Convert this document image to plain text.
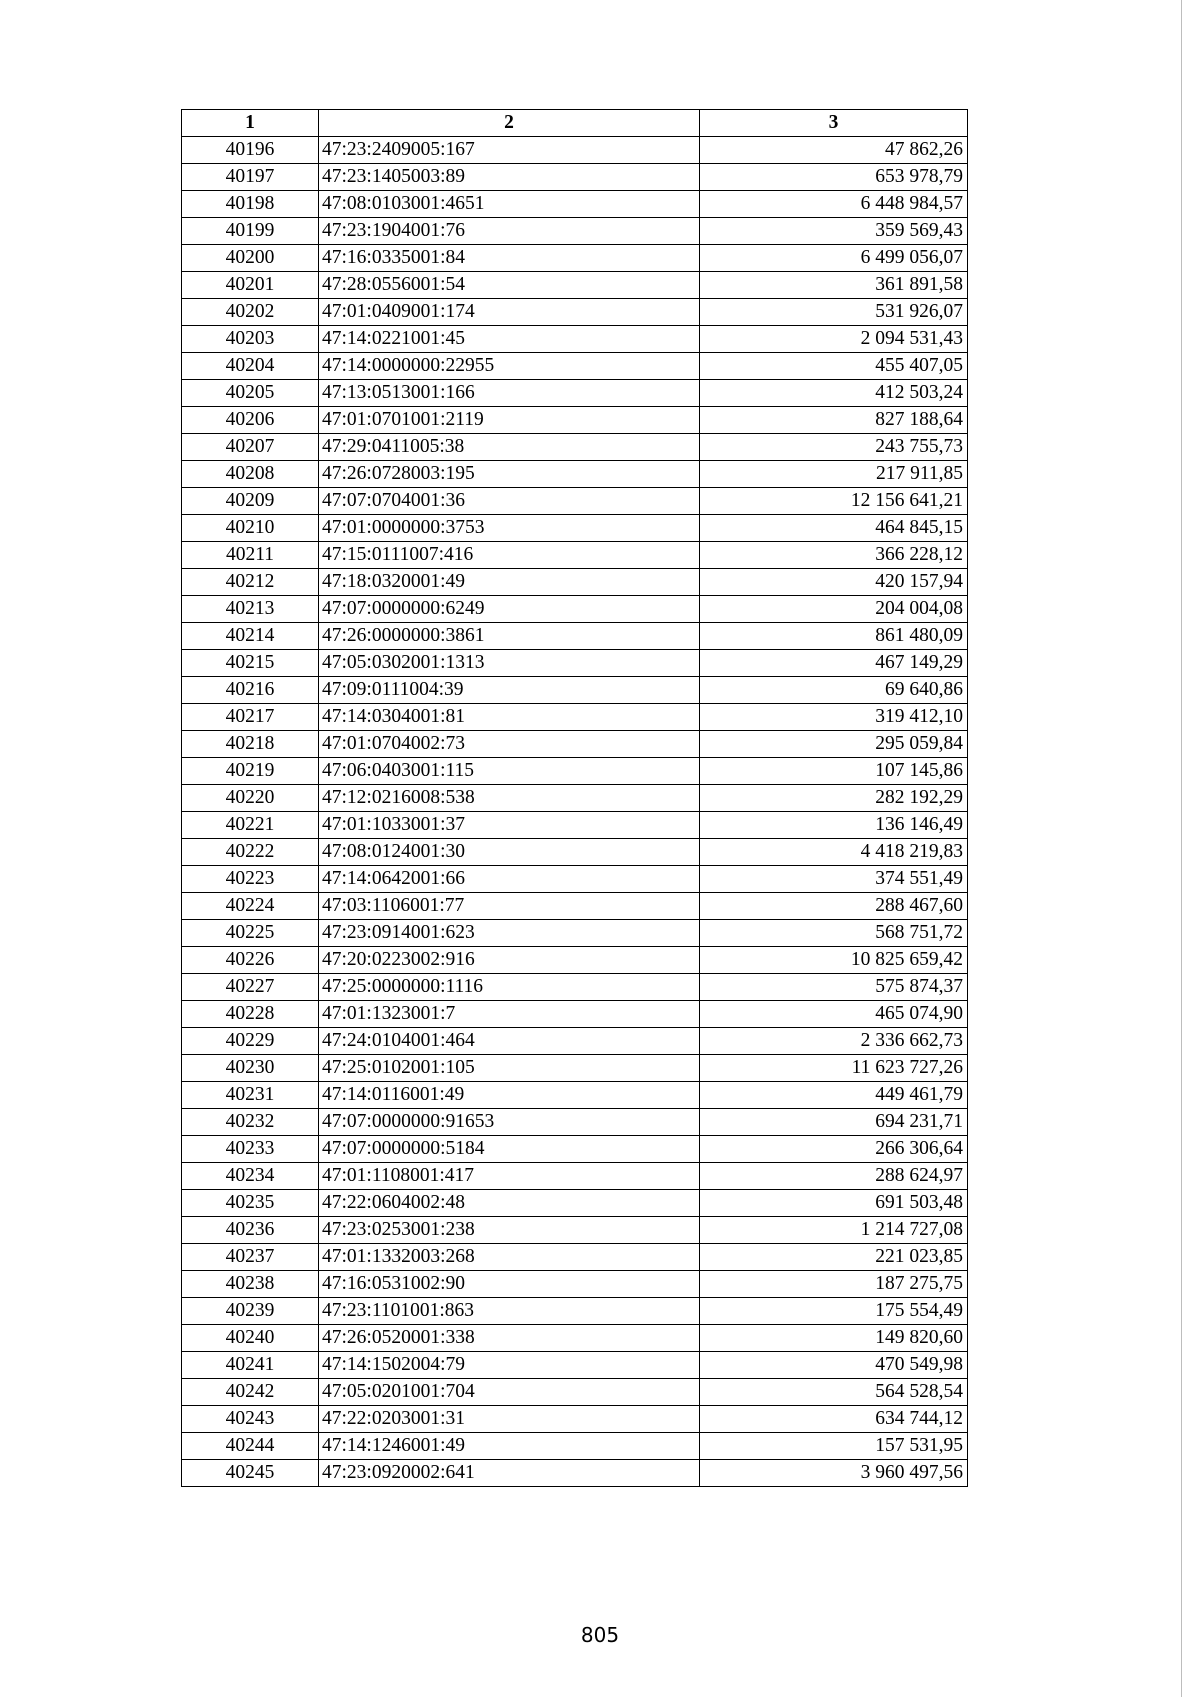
1	2	3
40196	47:23:2409005:167	47 862,26
40197	47:23:1405003:89	653 978,79
40198	47:08:0103001:4651	6 448 984,57
40199	47:23:1904001:76	359 569,43
40200	47:16:0335001:84	6 499 056,07
40201	47:28:0556001:54	361 891,58
40202	47:01:0409001:174	531 926,07
40203	47:14:0221001:45	2 094 531,43
40204	47:14:0000000:22955	455 407,05
40205	47:13:0513001:166	412 503,24
40206	47:01:0701001:2119	827 188,64
40207	47:29:0411005:38	243 755,73
40208	47:26:0728003:195	217 911,85
40209	47:07:0704001:36	12 156 641,21
40210	47:01:0000000:3753	464 845,15
40211	47:15:0111007:416	366 228,12
40212	47:18:0320001:49	420 157,94
40213	47:07:0000000:6249	204 004,08
40214	47:26:0000000:3861	861 480,09
40215	47:05:0302001:1313	467 149,29
40216	47:09:0111004:39	69 640,86
40217	47:14:0304001:81	319 412,10
40218	47:01:0704002:73	295 059,84
40219	47:06:0403001:115	107 145,86
40220	47:12:0216008:538	282 192,29
40221	47:01:1033001:37	136 146,49
40222	47:08:0124001:30	4 418 219,83
40223	47:14:0642001:66	374 551,49
40224	47:03:1106001:77	288 467,60
40225	47:23:0914001:623	568 751,72
40226	47:20:0223002:916	10 825 659,42
40227	47:25:0000000:1116	575 874,37
40228	47:01:1323001:7	465 074,90
40229	47:24:0104001:464	2 336 662,73
40230	47:25:0102001:105	11 623 727,26
40231	47:14:0116001:49	449 461,79
40232	47:07:0000000:91653	694 231,71
40233	47:07:0000000:5184	266 306,64
40234	47:01:1108001:417	288 624,97
40235	47:22:0604002:48	691 503,48
40236	47:23:0253001:238	1 214 727,08
40237	47:01:1332003:268	221 023,85
40238	47:16:0531002:90	187 275,75
40239	47:23:1101001:863	175 554,49
40240	47:26:0520001:338	149 820,60
40241	47:14:1502004:79	470 549,98
40242	47:05:0201001:704	564 528,54
40243	47:22:0203001:31	634 744,12
40244	47:14:1246001:49	157 531,95
40245	47:23:0920002:641	3 960 497,56
805
